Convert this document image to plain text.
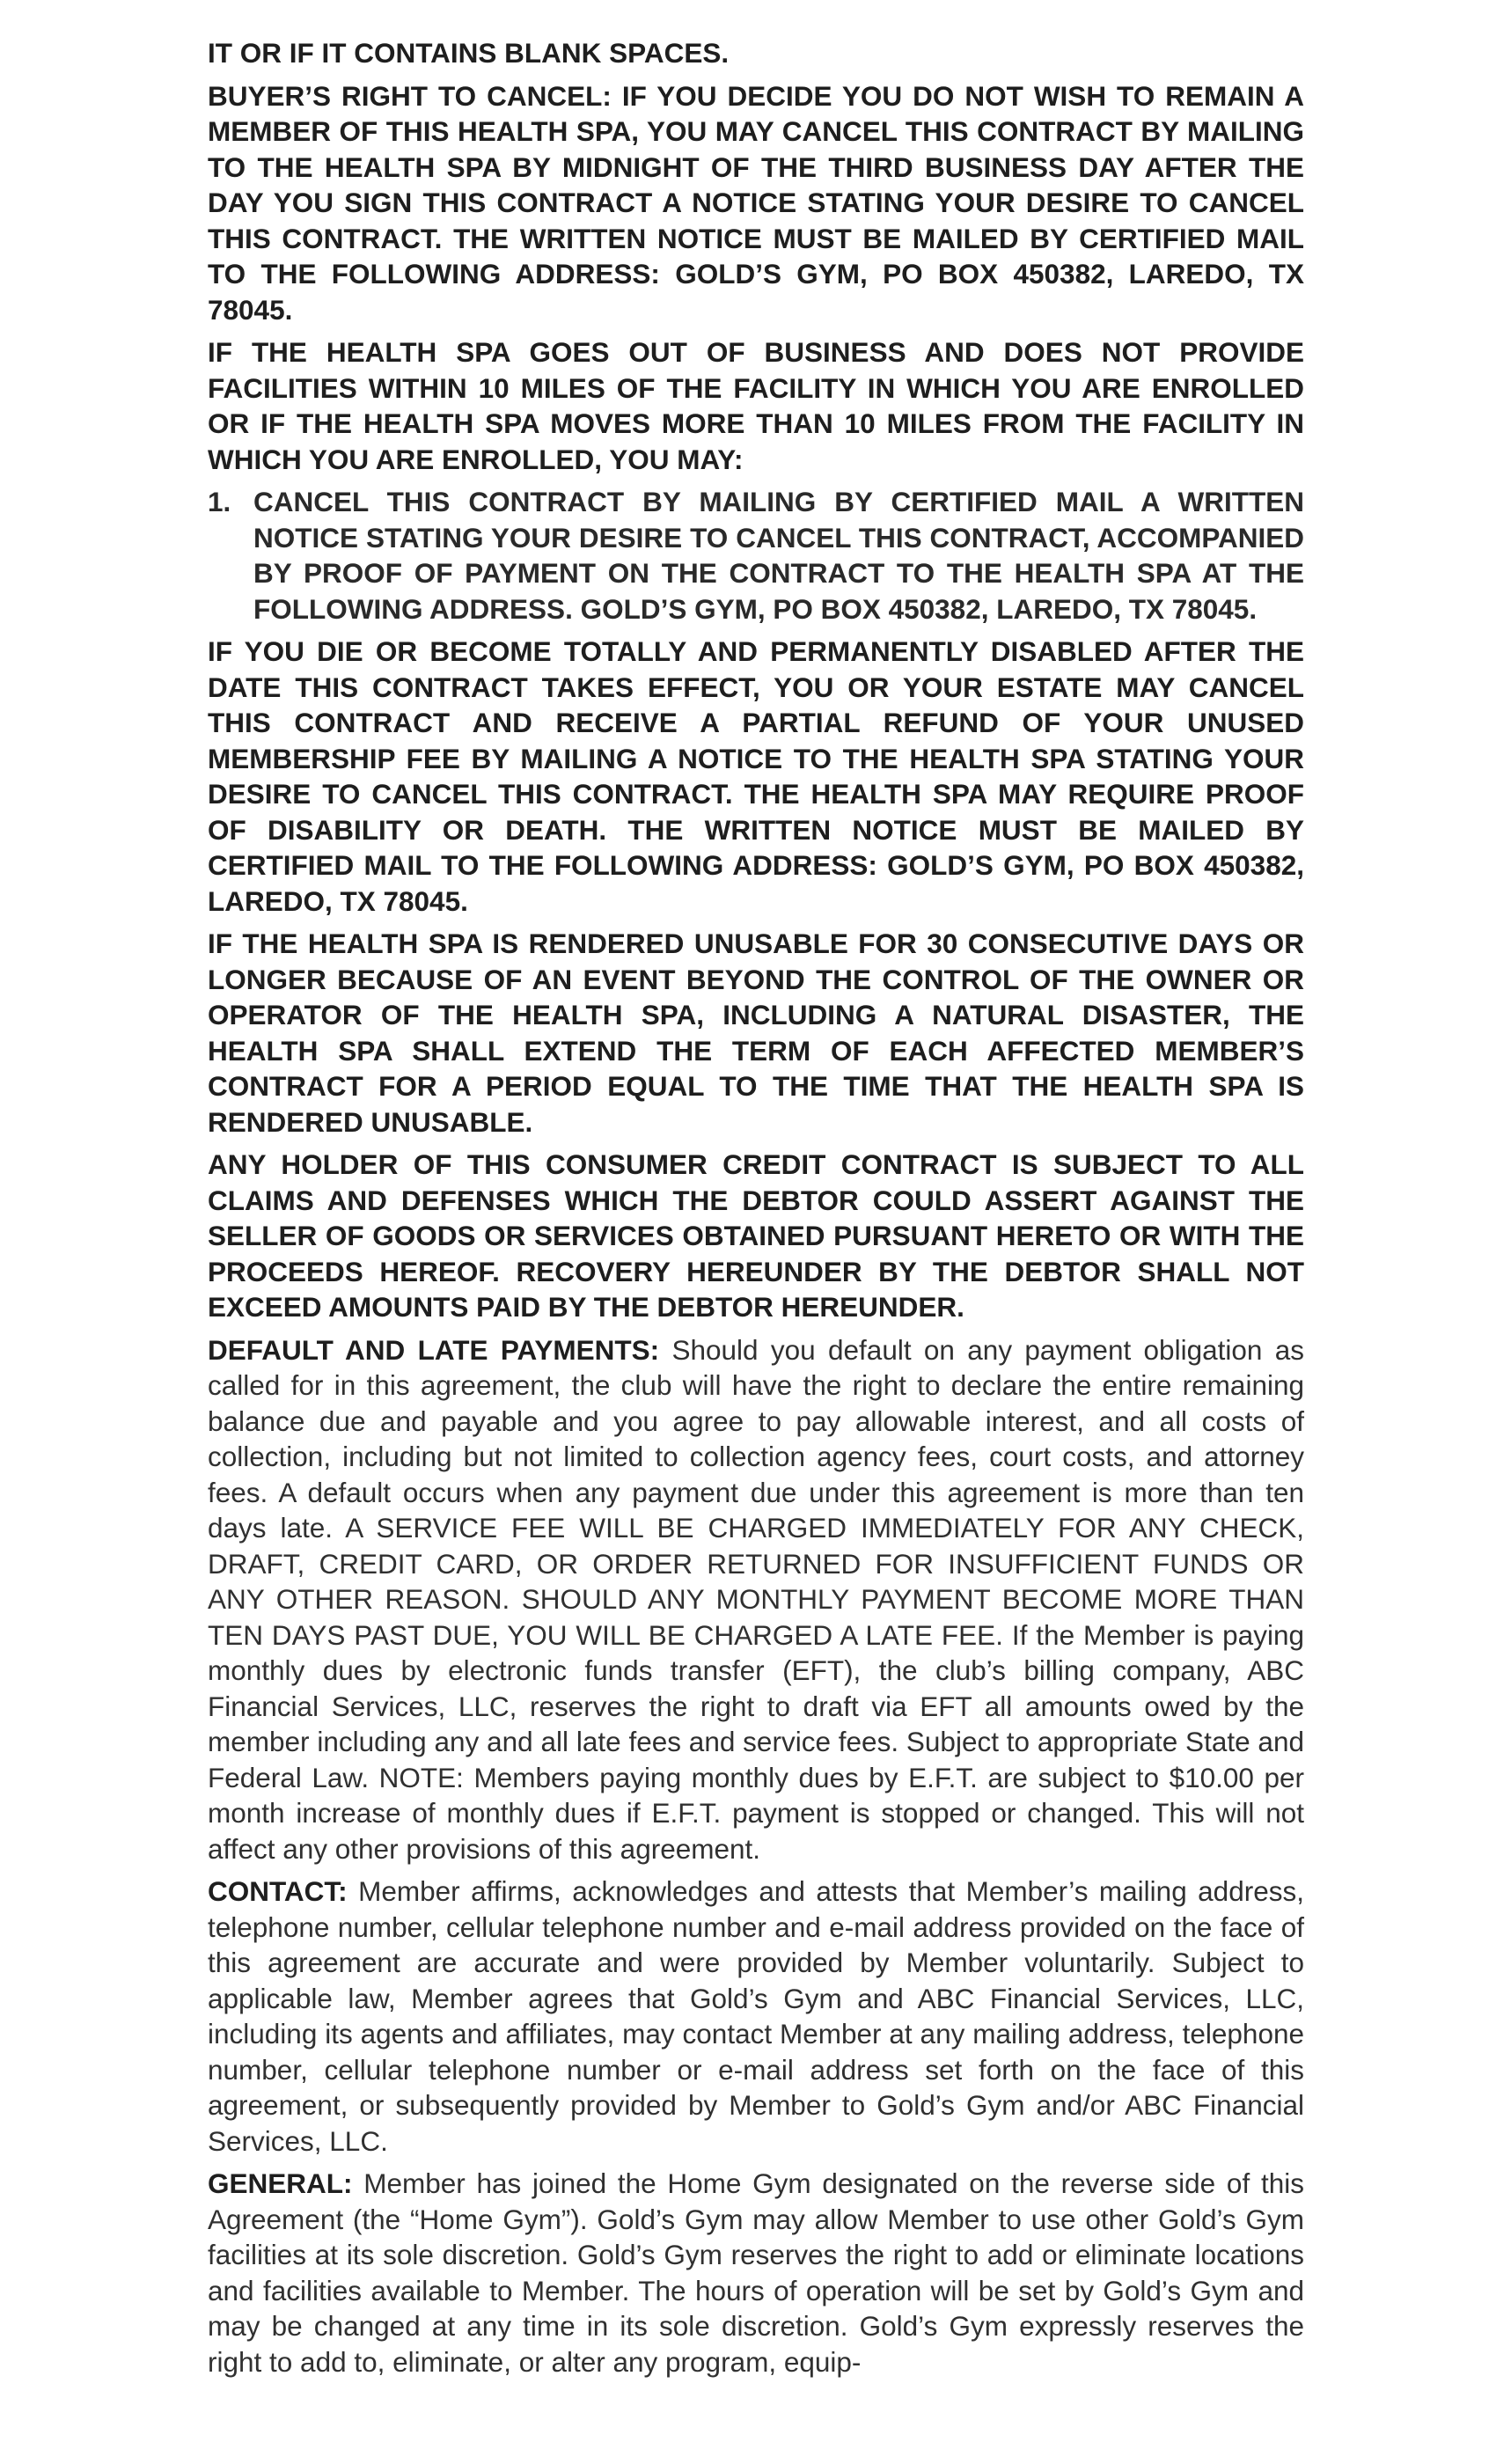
IT OR IF IT CONTAINS BLANK SPACES.

BUYER’S RIGHT TO CANCEL: IF YOU DECIDE YOU DO NOT WISH TO REMAIN A MEMBER OF THIS HEALTH SPA, YOU MAY CANCEL THIS CONTRACT BY MAILING TO THE HEALTH SPA BY MIDNIGHT OF THE THIRD BUSINESS DAY AFTER THE DAY YOU SIGN THIS CONTRACT A NOTICE STATING YOUR DESIRE TO CANCEL THIS CONTRACT. THE WRITTEN NOTICE MUST BE MAILED BY CERTIFIED MAIL TO THE FOLLOWING ADDRESS: GOLD’S GYM, PO BOX 450382, LAREDO, TX 78045.

IF THE HEALTH SPA GOES OUT OF BUSINESS AND DOES NOT PROVIDE FACILITIES WITHIN 10 MILES OF THE FACILITY IN WHICH YOU ARE ENROLLED OR IF THE HEALTH SPA MOVES MORE THAN 10 MILES FROM THE FACILITY IN WHICH YOU ARE ENROLLED, YOU MAY:

1. CANCEL THIS CONTRACT BY MAILING BY CERTIFIED MAIL A WRITTEN NOTICE STATING YOUR DESIRE TO CANCEL THIS CONTRACT, ACCOMPANIED BY PROOF OF PAYMENT ON THE CONTRACT TO THE HEALTH SPA AT THE FOLLOWING ADDRESS. GOLD’S GYM, PO BOX 450382, LAREDO, TX 78045.

IF YOU DIE OR BECOME TOTALLY AND PERMANENTLY DISABLED AFTER THE DATE THIS CONTRACT TAKES EFFECT, YOU OR YOUR ESTATE MAY CANCEL THIS CONTRACT AND RECEIVE A PARTIAL REFUND OF YOUR UNUSED MEMBERSHIP FEE BY MAILING A NOTICE TO THE HEALTH SPA STATING YOUR DESIRE TO CANCEL THIS CONTRACT. THE HEALTH SPA MAY REQUIRE PROOF OF DISABILITY OR DEATH. THE WRITTEN NOTICE MUST BE MAILED BY CERTIFIED MAIL TO THE FOLLOWING ADDRESS: GOLD’S GYM, PO BOX 450382, LAREDO, TX 78045.

IF THE HEALTH SPA IS RENDERED UNUSABLE FOR 30 CONSECUTIVE DAYS OR LONGER BECAUSE OF AN EVENT BEYOND THE CONTROL OF THE OWNER OR OPERATOR OF THE HEALTH SPA, INCLUDING A NATURAL DISASTER, THE HEALTH SPA SHALL EXTEND THE TERM OF EACH AFFECTED MEMBER’S CONTRACT FOR A PERIOD EQUAL TO THE TIME THAT THE HEALTH SPA IS RENDERED UNUSABLE.

ANY HOLDER OF THIS CONSUMER CREDIT CONTRACT IS SUBJECT TO ALL CLAIMS AND DEFENSES WHICH THE DEBTOR COULD ASSERT AGAINST THE SELLER OF GOODS OR SERVICES OBTAINED PURSUANT HERETO OR WITH THE PROCEEDS HEREOF. RECOVERY HEREUNDER BY THE DEBTOR SHALL NOT EXCEED AMOUNTS PAID BY THE DEBTOR HEREUNDER.

DEFAULT AND LATE PAYMENTS: Should you default on any payment obligation as called for in this agreement, the club will have the right to declare the entire remaining balance due and payable and you agree to pay allowable interest, and all costs of collection, including but not limited to collection agency fees, court costs, and attorney fees. A default occurs when any payment due under this agreement is more than ten days late. A SERVICE FEE WILL BE CHARGED IMMEDIATELY FOR ANY CHECK, DRAFT, CREDIT CARD, OR ORDER RETURNED FOR INSUFFICIENT FUNDS OR ANY OTHER REASON. SHOULD ANY MONTHLY PAYMENT BECOME MORE THAN TEN DAYS PAST DUE, YOU WILL BE CHARGED A LATE FEE. If the Member is paying monthly dues by electronic funds transfer (EFT), the club’s billing company, ABC Financial Services, LLC, reserves the right to draft via EFT all amounts owed by the member including any and all late fees and service fees. Subject to appropriate State and Federal Law. NOTE: Members paying monthly dues by E.F.T. are subject to $10.00 per month increase of monthly dues if E.F.T. payment is stopped or changed. This will not affect any other provisions of this agreement.

CONTACT: Member affirms, acknowledges and attests that Member’s mailing address, telephone number, cellular telephone number and e-mail address provided on the face of this agreement are accurate and were provided by Member voluntarily. Subject to applicable law, Member agrees that Gold’s Gym and ABC Financial Services, LLC, including its agents and affiliates, may contact Member at any mailing address, telephone number, cellular telephone number or e-mail address set forth on the face of this agreement, or subsequently provided by Member to Gold’s Gym and/or ABC Financial Services, LLC.

GENERAL: Member has joined the Home Gym designated on the reverse side of this Agreement (the “Home Gym”). Gold’s Gym may allow Member to use other Gold’s Gym facilities at its sole discretion. Gold’s Gym reserves the right to add or eliminate locations and facilities available to Member. The hours of operation will be set by Gold’s Gym and may be changed at any time in its sole discretion. Gold’s Gym expressly reserves the right to add to, eliminate, or alter any program, equip-
